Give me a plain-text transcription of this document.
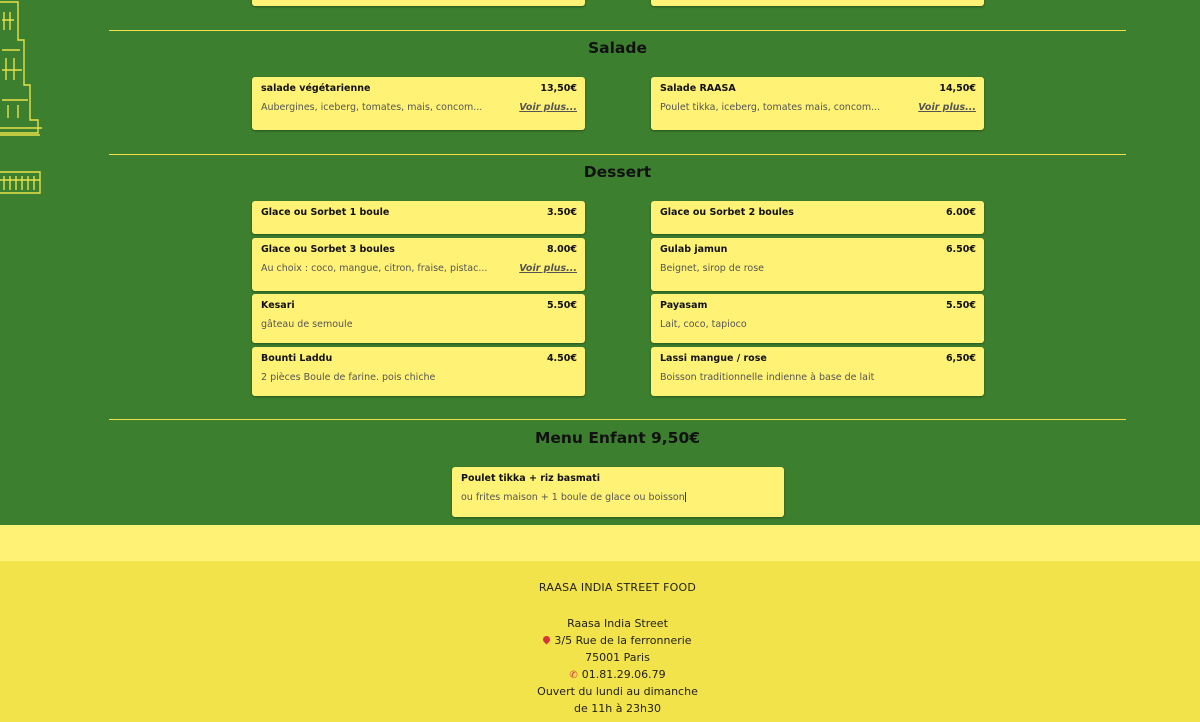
Salade
salade végétarienne	13,50€
Aubergines, iceberg, tomates, mais, concom...	Voir plus...
Salade RAASA	14,50€
Poulet tikka, iceberg, tomates mais, concom...	Voir plus...
Dessert
Glace ou Sorbet 1 boule	3.50€	Glace ou Sorbet 2 boules	6.00€
Glace ou Sorbet 3 boules	8.00€
Au choix : coco, mangue, citron, fraise, pistac...	Voir plus...
Gulab jamun	6.50€
Beignet, sirop de rose
Kesari	5.50€
gâteau de semoule
Payasam	5.50€
Lait, coco, tapioco
Bounti Laddu	4.50€
2 pièces Boule de farine. pois chiche
Lassi mangue / rose	6,50€
Boisson traditionnelle indienne à base de lait
Menu Enfant 9,50€
Poulet tikka + riz basmati
ou frites maison + 1 boule de glace ou boisson
RAASA INDIA STREET FOOD
Raasa India Street
3/5 Rue de la ferronnerie
75001 Paris
✆ 01.81.29.06.79
Ouvert du lundi au dimanche
de 11h à 23h30
